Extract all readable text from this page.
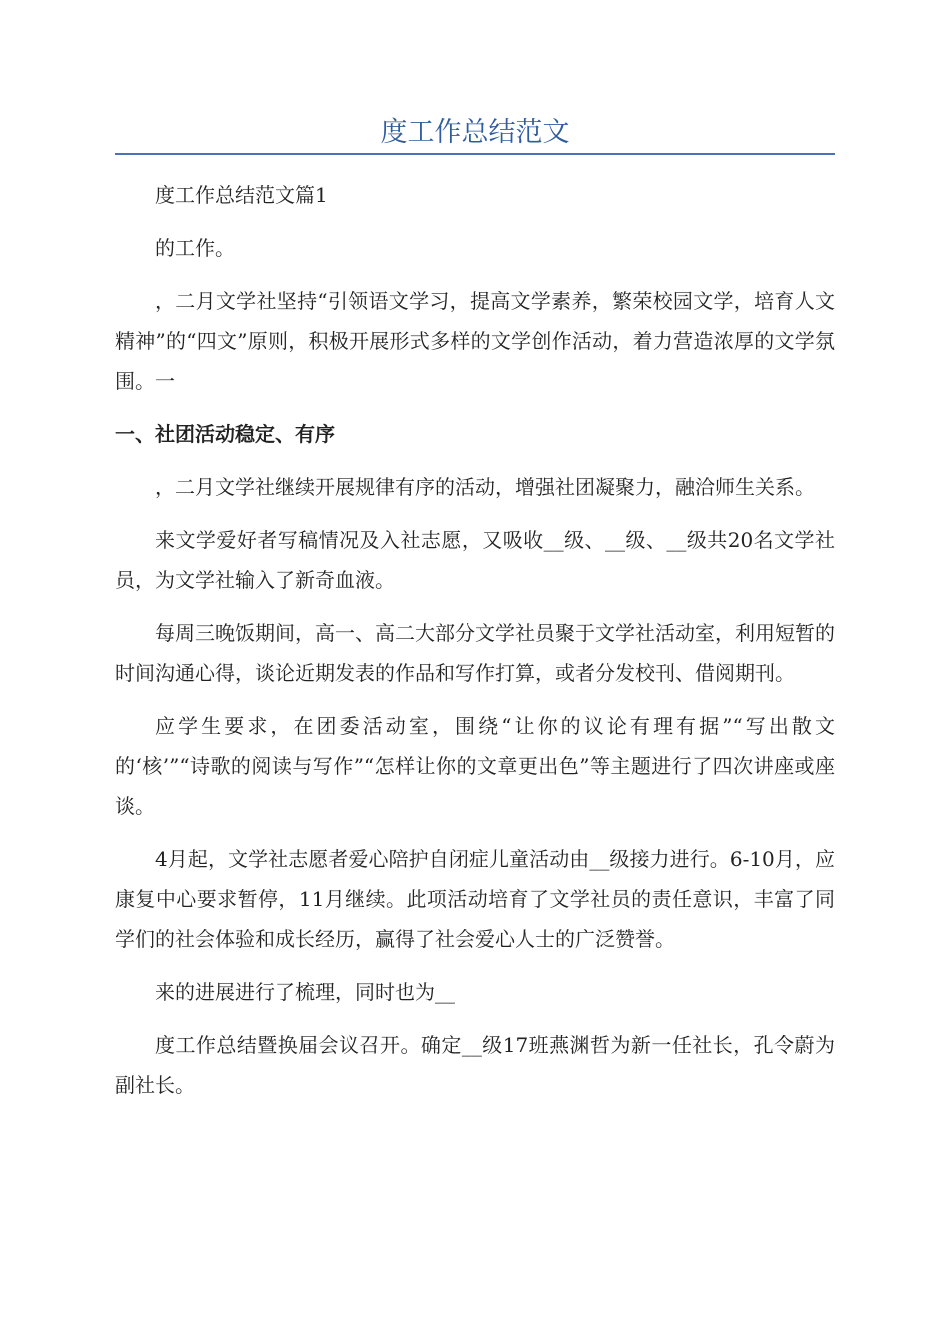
度工作总结范文

度工作总结范文篇1

的工作。

，二月文学社坚持“引领语文学习，提高文学素养，繁荣校园文学，培育人文精神”的“四文”原则，积极开展形式多样的文学创作活动，着力营造浓厚的文学氛围。一

一、社团活动稳定、有序

，二月文学社继续开展规律有序的活动，增强社团凝聚力，融洽师生关系。

来文学爱好者写稿情况及入社志愿，又吸收__级、__级、__级共20名文学社员，为文学社输入了新奇血液。

每周三晚饭期间，高一、高二大部分文学社员聚于文学社活动室，利用短暂的时间沟通心得，谈论近期发表的作品和写作打算，或者分发校刊、借阅期刊。

应学生要求，在团委活动室，围绕“让你的议论有理有据”“写出散文的‘核’”“诗歌的阅读与写作”“怎样让你的文章更出色”等主题进行了四次讲座或座谈。

4月起，文学社志愿者爱心陪护自闭症儿童活动由__级接力进行。6-10月，应康复中心要求暂停，11月继续。此项活动培育了文学社员的责任意识，丰富了同学们的社会体验和成长经历，赢得了社会爱心人士的广泛赞誉。

来的进展进行了梳理，同时也为__

度工作总结暨换届会议召开。确定__级17班燕渊哲为新一任社长，孔令蔚为副社长。
